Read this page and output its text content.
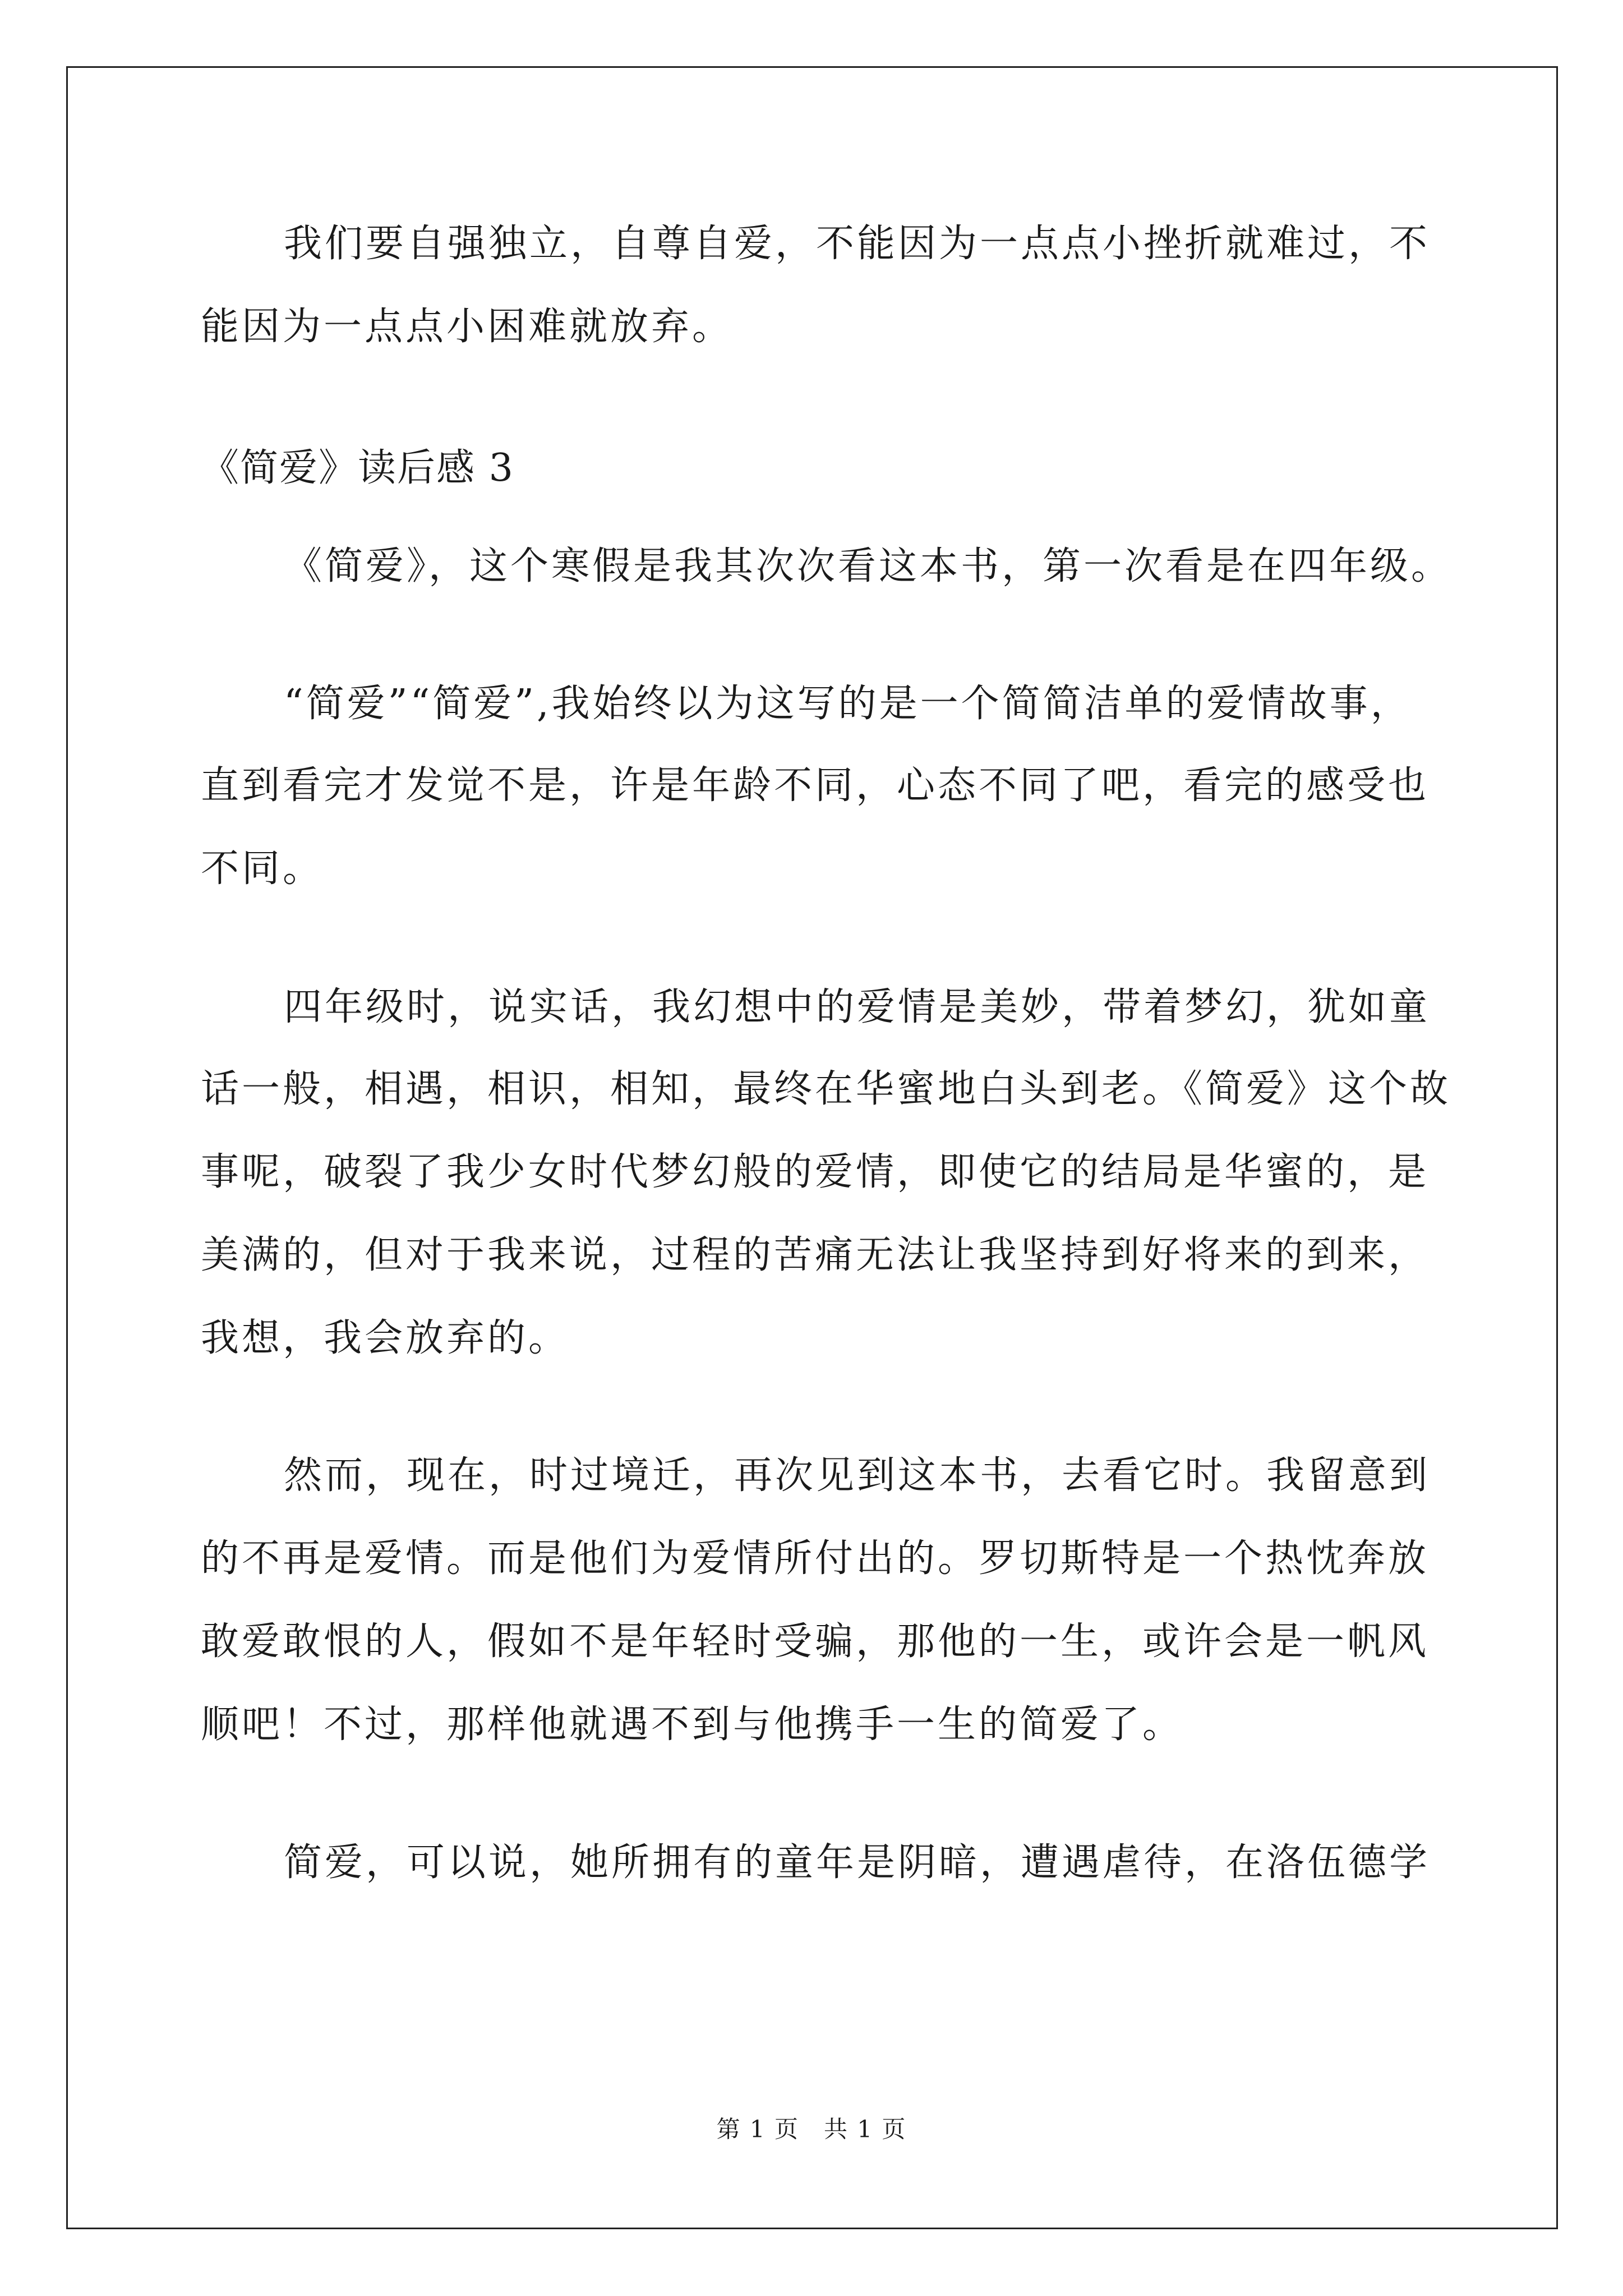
我们要自强独立，自尊自爱，不能因为一点点小挫折就难过，不
能因为一点点小困难就放弃。
《简爱》读后感 3
《简爱》，这个寒假是我其次次看这本书，第一次看是在四年级。
“简爱”“简爱”,我始终以为这写的是一个简简洁单的爱情故事，
直到看完才发觉不是，许是年龄不同，心态不同了吧，看完的感受也
不同。
四年级时，说实话，我幻想中的爱情是美妙，带着梦幻，犹如童
话一般，相遇，相识，相知，最终在华蜜地白头到老。《简爱》这个故
事呢，破裂了我少女时代梦幻般的爱情，即使它的结局是华蜜的，是
美满的，但对于我来说，过程的苦痛无法让我坚持到好将来的到来，
我想，我会放弃的。
然而，现在，时过境迁，再次见到这本书，去看它时。我留意到
的不再是爱情。而是他们为爱情所付出的。罗切斯特是一个热忱奔放
敢爱敢恨的人，假如不是年轻时受骗，那他的一生，或许会是一帆风
顺吧！不过，那样他就遇不到与他携手一生的简爱了。
简爱，可以说，她所拥有的童年是阴暗，遭遇虐待，在洛伍德学
第 1 页　共 1 页
